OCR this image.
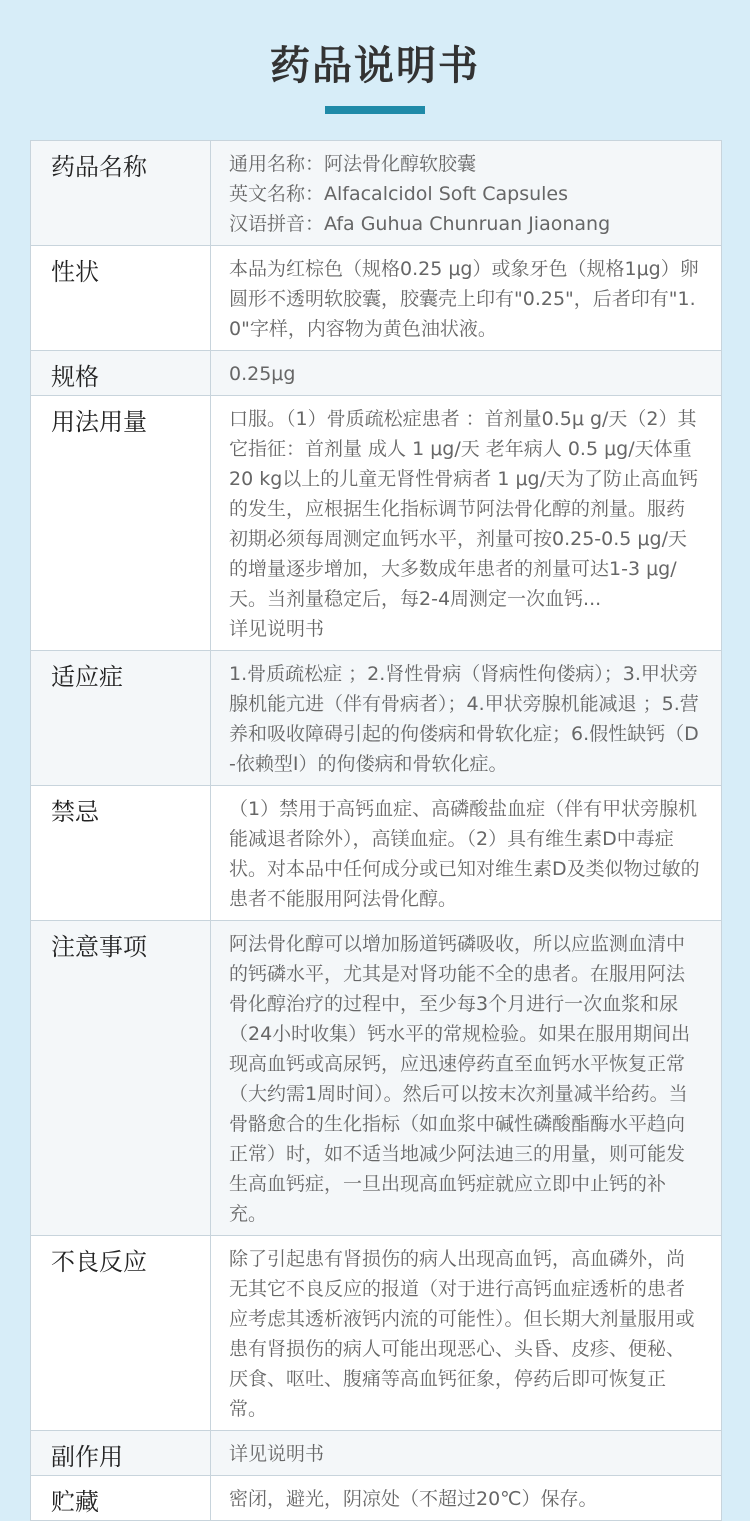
药品说明书
药品名称	通用名称：阿法骨化醇软胶囊
英文名称：Alfacalcidol Soft Capsules
汉语拼音：Afa Guhua Chunruan Jiaonang
性状	本品为红棕色（规格0.25 μg）或象牙色（规格1μg）卵圆形不透明软胶囊，胶囊壳上印有"0.25"，后者印有"1.0"字样，内容物为黄色油状液。
规格	0.25μg
用法用量	口服。（1）骨质疏松症患者 ：首剂量0.5μ g/天（2）其它指征：首剂量 成人 1 μg/天 老年病人 0.5 μg/天体重20 kg以上的儿童无肾性骨病者 1 μg/天为了防止高血钙的发生，应根据生化指标调节阿法骨化醇的剂量。服药初期必须每周测定血钙水平，剂量可按0.25-0.5 μg/天的增量逐步增加，大多数成年患者的剂量可达1-3 μg/天。当剂量稳定后，每2-4周测定一次血钙...
详见说明书
适应症	1.骨质疏松症 ；2.肾性骨病（肾病性佝偻病）；3.甲状旁腺机能亢进（伴有骨病者）；4.甲状旁腺机能减退 ；5.营养和吸收障碍引起的佝偻病和骨软化症；6.假性缺钙（D-依赖型I）的佝偻病和骨软化症。
禁忌	（1）禁用于高钙血症、高磷酸盐血症（伴有甲状旁腺机能减退者除外），高镁血症。（2）具有维生素D中毒症状。对本品中任何成分或已知对维生素D及类似物过敏的患者不能服用阿法骨化醇。
注意事项	阿法骨化醇可以增加肠道钙磷吸收，所以应监测血清中的钙磷水平，尤其是对肾功能不全的患者。在服用阿法骨化醇治疗的过程中，至少每3个月进行一次血浆和尿（24小时收集）钙水平的常规检验。如果在服用期间出现高血钙或高尿钙，应迅速停药直至血钙水平恢复正常（大约需1周时间）。然后可以按末次剂量减半给药。当骨骼愈合的生化指标（如血浆中碱性磷酸酯酶水平趋向正常）时，如不适当地减少阿法迪三的用量，则可能发生高血钙症，一旦出现高血钙症就应立即中止钙的补充。
不良反应	除了引起患有肾损伤的病人出现高血钙，高血磷外，尚无其它不良反应的报道（对于进行高钙血症透析的患者应考虑其透析液钙内流的可能性）。但长期大剂量服用或患有肾损伤的病人可能出现恶心、头昏、皮疹、便秘、厌食、呕吐、腹痛等高血钙征象，停药后即可恢复正常。
副作用	详见说明书
贮藏	密闭，避光，阴凉处（不超过20℃）保存。
